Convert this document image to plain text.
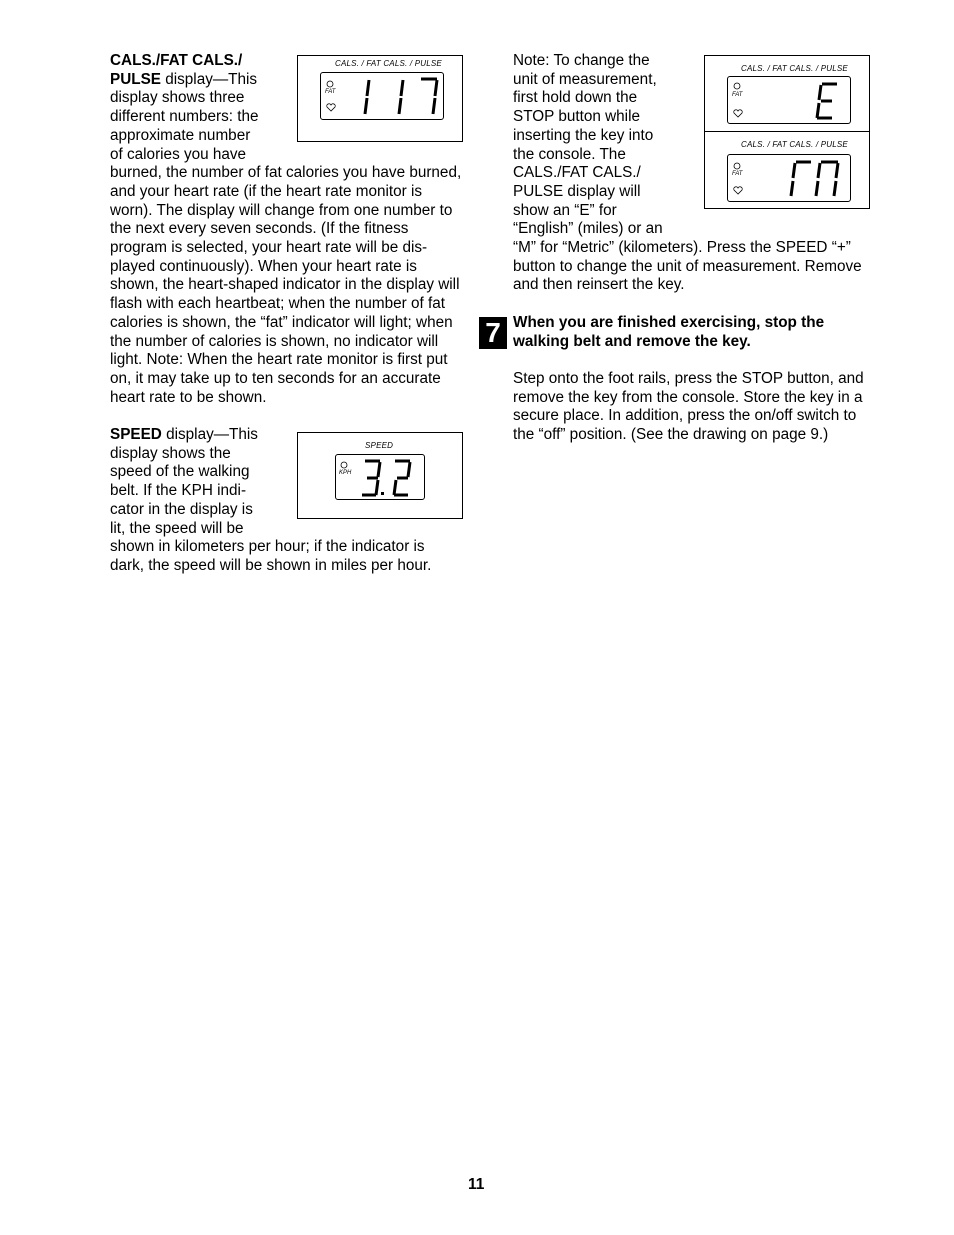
CALS./FAT CALS./

PULSE display—This

display shows three

different numbers: the

approximate number

of calories you have

burned, the number of fat calories you have burned,

and your heart rate (if the heart rate monitor is

worn). The display will change from one number to

the next every seven seconds. (If the fitness

program is selected, your heart rate will be dis-

played continuously). When your heart rate is

shown, the heart-shaped indicator in the display will

flash with each heartbeat; when the number of fat

calories is shown, the “fat” indicator will light; when

the number of calories is shown, no indicator will

light. Note: When the heart rate monitor is first put

on, it may take up to ten seconds for an accurate

heart rate to be shown.

SPEED display—This

display shows the

speed of the walking

belt. If the KPH indi-

cator in the display is

lit, the speed will be

shown in kilometers per hour; if the indicator is

dark, the speed will be shown in miles per hour.

CALS. / FAT CALS. / PULSE
FAT
SPEED
KPH

Note: To change the

unit of measurement,

first hold down the

STOP button while

inserting the key into

the console. The

CALS./FAT CALS./

PULSE display will

show an “E” for

“English” (miles) or an

“M” for “Metric” (kilometers). Press the SPEED “+”

button to change the unit of measurement. Remove

and then reinsert the key.

CALS. / FAT CALS. / PULSE
FAT
CALS. / FAT CALS. / PULSE
FAT
7 When you are finished exercising, stop the

walking belt and remove the key.

Step onto the foot rails, press the STOP button, and

remove the key from the console. Store the key in a

secure place. In addition, press the on/off switch to

the “off” position. (See the drawing on page 9.)

11
